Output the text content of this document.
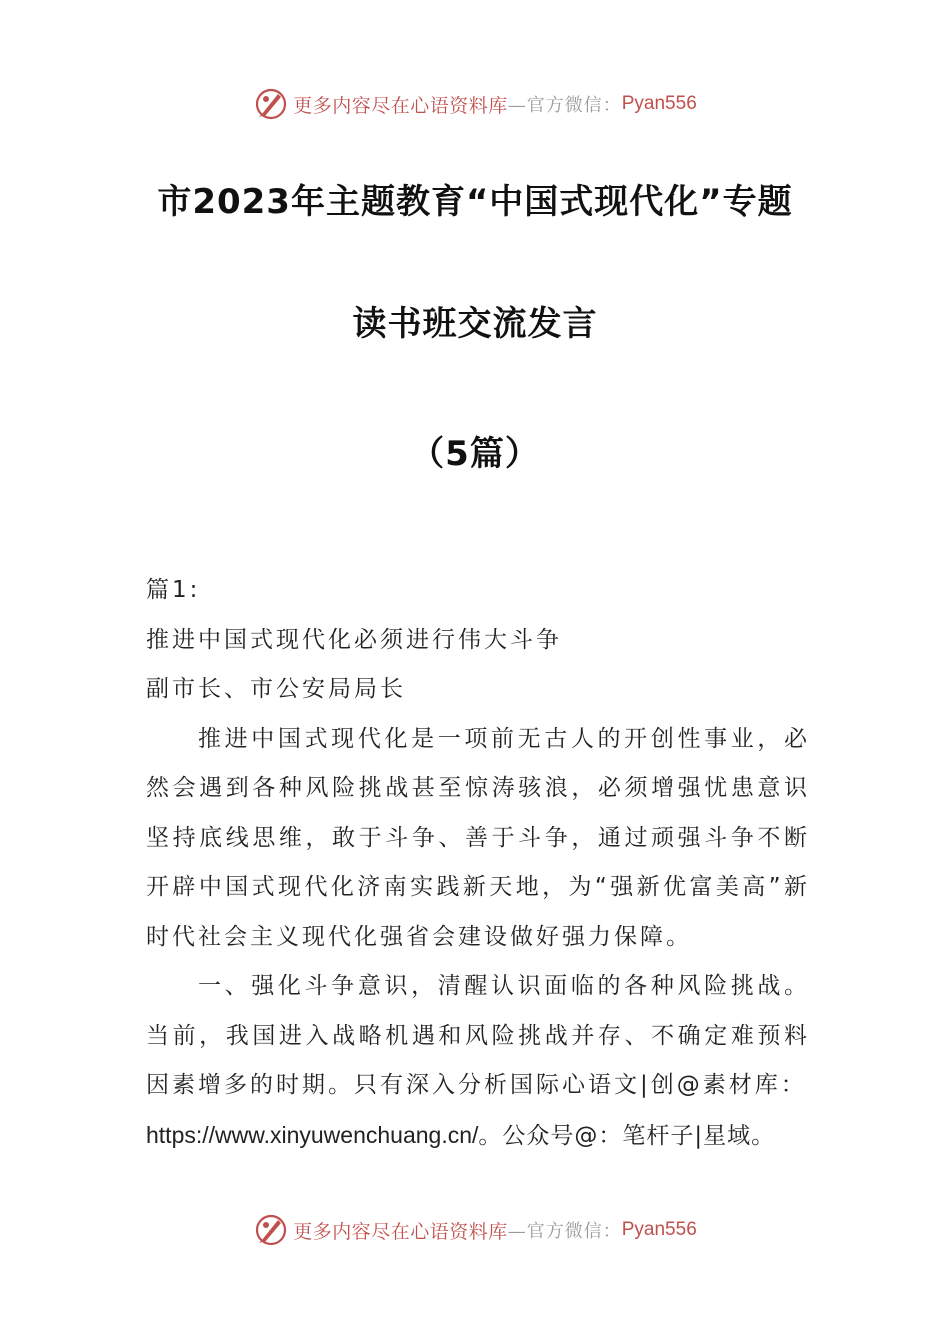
更多内容尽在心语资料库 —官方微信： Pyan556
市2023年主题教育“中国式现代化”专题
读书班交流发言
（5篇）

篇1:

推进中国式现代化必须进行伟大斗争

副市长、市公安局局长

推进中国式现代化是一项前无古人的开创性事业，必然会遇到各种风险挑战甚至惊涛骇浪，必须增强忧患意识坚持底线思维，敢于斗争、善于斗争，通过顽强斗争不断开辟中国式现代化济南实践新天地，为“强新优富美高”新时代社会主义现代化强省会建设做好强力保障。

一、强化斗争意识，清醒认识面临的各种风险挑战。当前，我国进入战略机遇和风险挑战并存、不确定难预料因素增多的时期。只有深入分析国际心语文|创@素材库：

https://www.xinyuwenchuang.cn/。公众号@：笔杆子|星域。

更多内容尽在心语资料库 —官方微信： Pyan556
